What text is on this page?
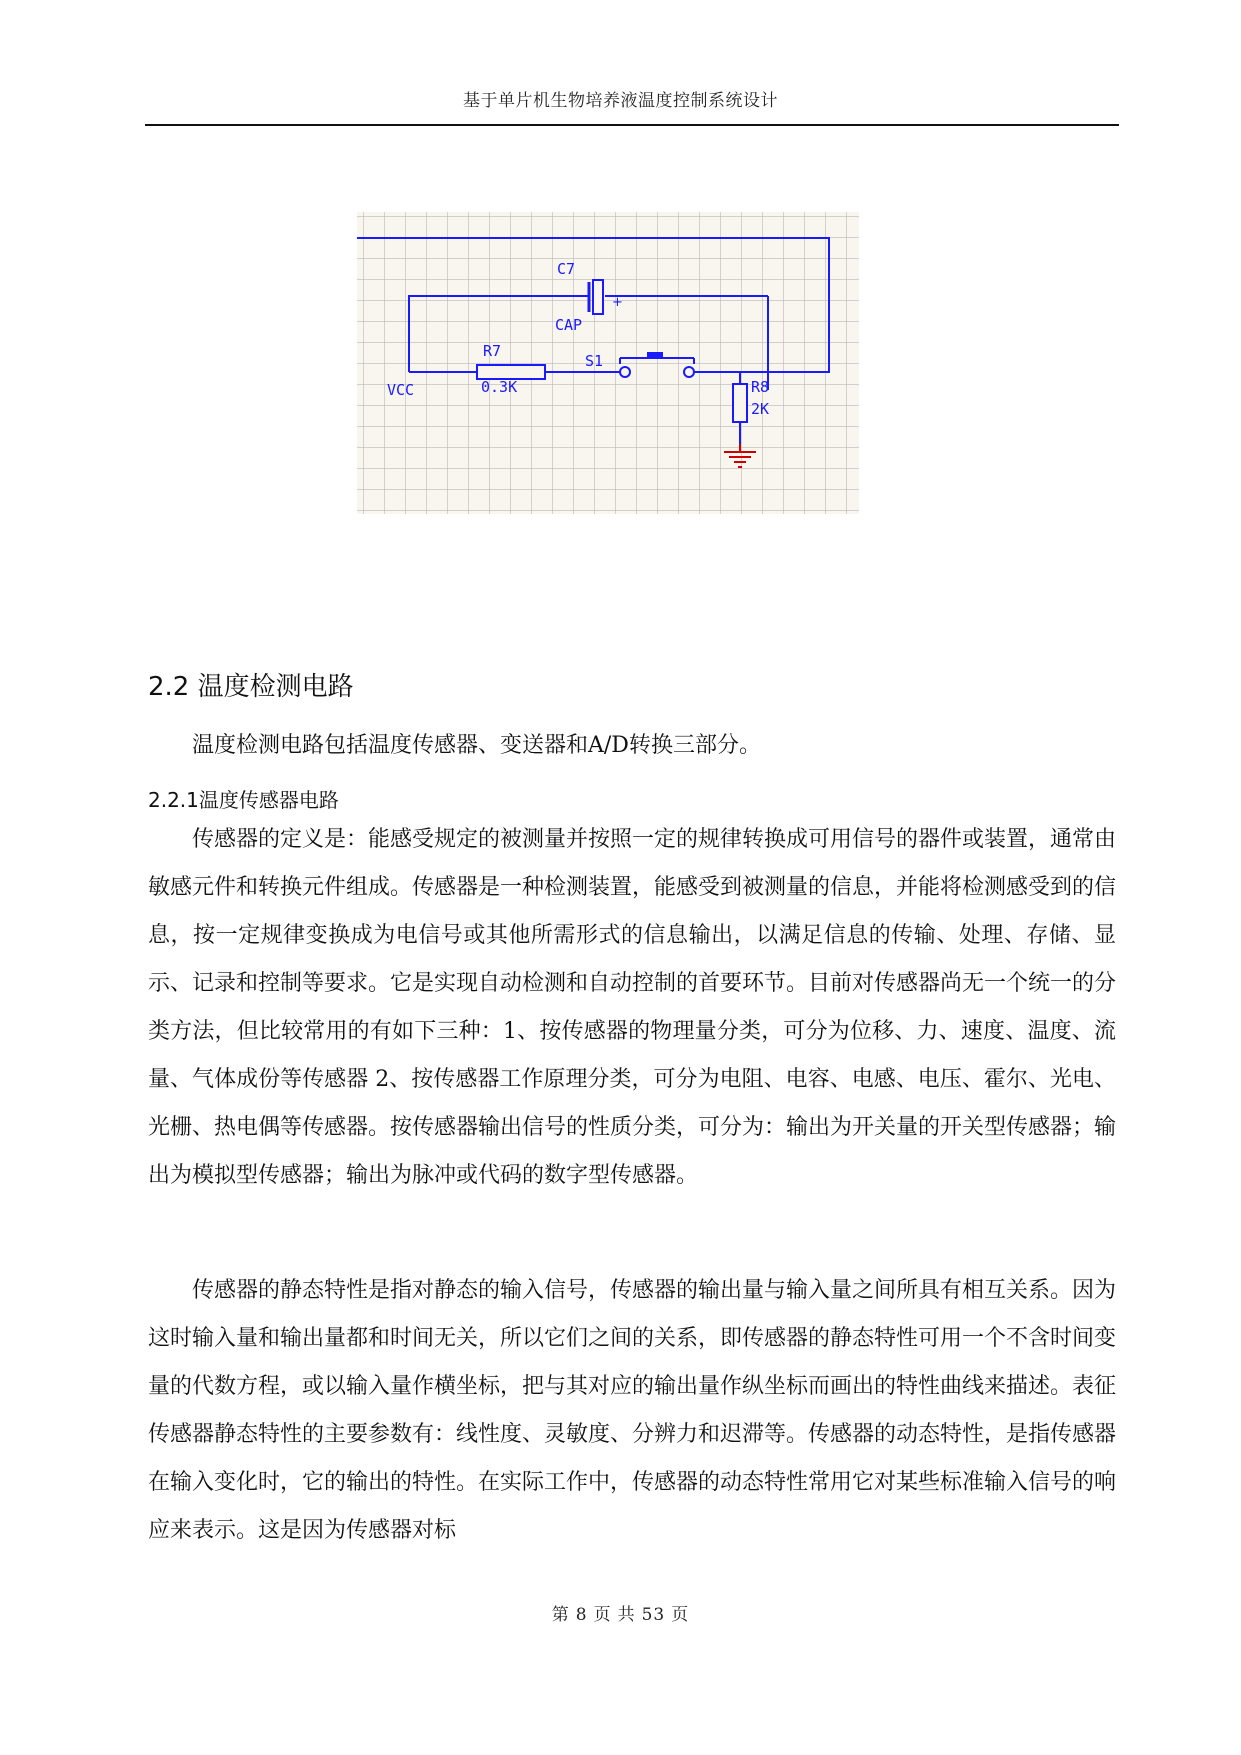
基于单片机生物培养液温度控制系统设计
+
C7
CAP
R7
0.3K
S1
VCC	R8
2K
2.2 温度检测电路

温度检测电路包括温度传感器、变送器和A/D转换三部分。

2.2.1温度传感器电路

传感器的定义是：能感受规定的被测量并按照一定的规律转换成可用信号的器件或装置，通常由敏感元件和转换元件组成。传感器是一种检测装置，能感受到被测量的信息，并能将检测感受到的信息，按一定规律变换成为电信号或其他所需形式的信息输出，以满足信息的传输、处理、存储、显示、记录和控制等要求。它是实现自动检测和自动控制的首要环节。目前对传感器尚无一个统一的分类方法，但比较常用的有如下三种：1、按传感器的物理量分类，可分为位移、力、速度、温度、流量、气体成份等传感器 2、按传感器工作原理分类，可分为电阻、电容、电感、电压、霍尔、光电、光栅、热电偶等传感器。按传感器输出信号的性质分类，可分为：输出为开关量的开关型传感器；输出为模拟型传感器；输出为脉冲或代码的数字型传感器。

传感器的静态特性是指对静态的输入信号，传感器的输出量与输入量之间所具有相互关系。因为这时输入量和输出量都和时间无关，所以它们之间的关系，即传感器的静态特性可用一个不含时间变量的代数方程，或以输入量作横坐标，把与其对应的输出量作纵坐标而画出的特性曲线来描述。表征传感器静态特性的主要参数有：线性度、灵敏度、分辨力和迟滞等。传感器的动态特性，是指传感器在输入变化时，它的输出的特性。在实际工作中，传感器的动态特性常用它对某些标准输入信号的响应来表示。这是因为传感器对标

第 8 页 共 53 页
